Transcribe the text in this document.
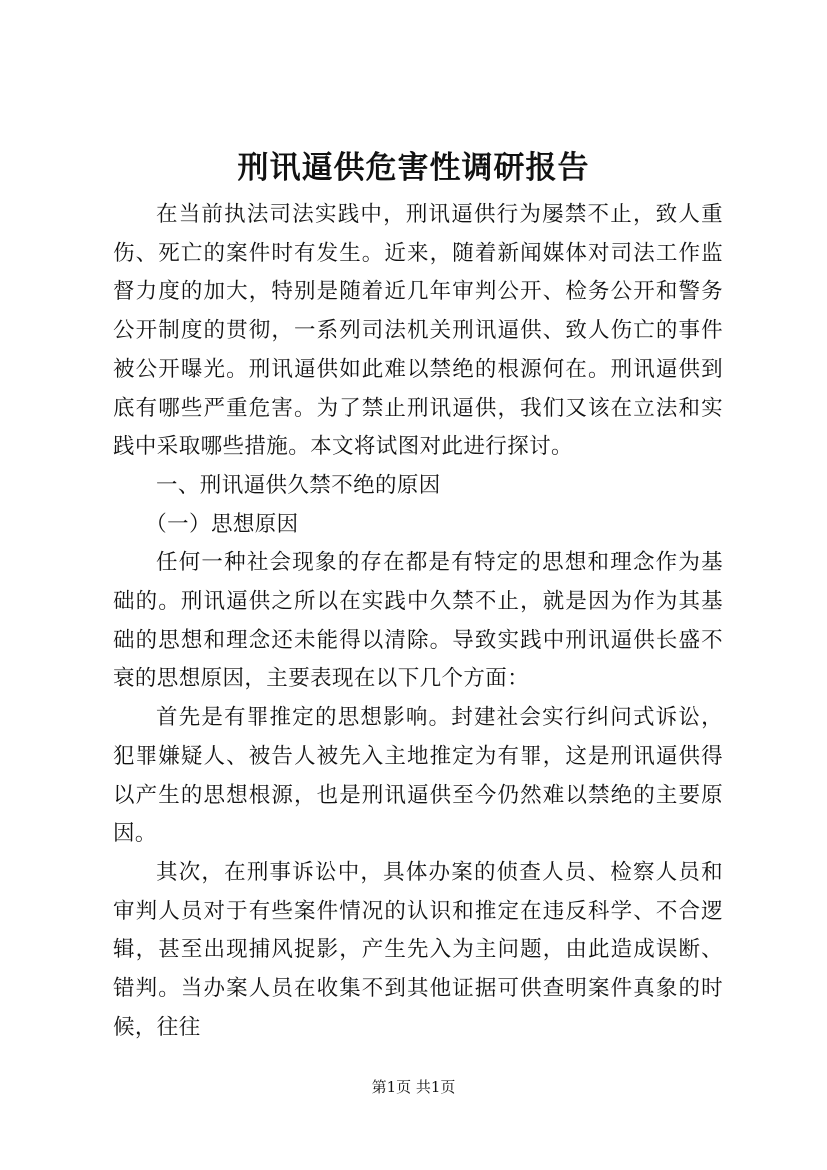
刑讯逼供危害性调研报告

在当前执法司法实践中，刑讯逼供行为屡禁不止，致人重伤、死亡的案件时有发生。近来，随着新闻媒体对司法工作监督力度的加大，特别是随着近几年审判公开、检务公开和警务公开制度的贯彻，一系列司法机关刑讯逼供、致人伤亡的事件被公开曝光。刑讯逼供如此难以禁绝的根源何在。刑讯逼供到底有哪些严重危害。为了禁止刑讯逼供，我们又该在立法和实践中采取哪些措施。本文将试图对此进行探讨。

一、刑讯逼供久禁不绝的原因

（一）思想原因

任何一种社会现象的存在都是有特定的思想和理念作为基础的。刑讯逼供之所以在实践中久禁不止，就是因为作为其基础的思想和理念还未能得以清除。导致实践中刑讯逼供长盛不衰的思想原因，主要表现在以下几个方面：

首先是有罪推定的思想影响。封建社会实行纠问式诉讼，犯罪嫌疑人、被告人被先入主地推定为有罪，这是刑讯逼供得以产生的思想根源，也是刑讯逼供至今仍然难以禁绝的主要原因。

其次，在刑事诉讼中，具体办案的侦查人员、检察人员和审判人员对于有些案件情况的认识和推定在违反科学、不合逻辑，甚至出现捕风捉影，产生先入为主问题，由此造成误断、错判。当办案人员在收集不到其他证据可供查明案件真象的时候，往往

第1页 共1页
